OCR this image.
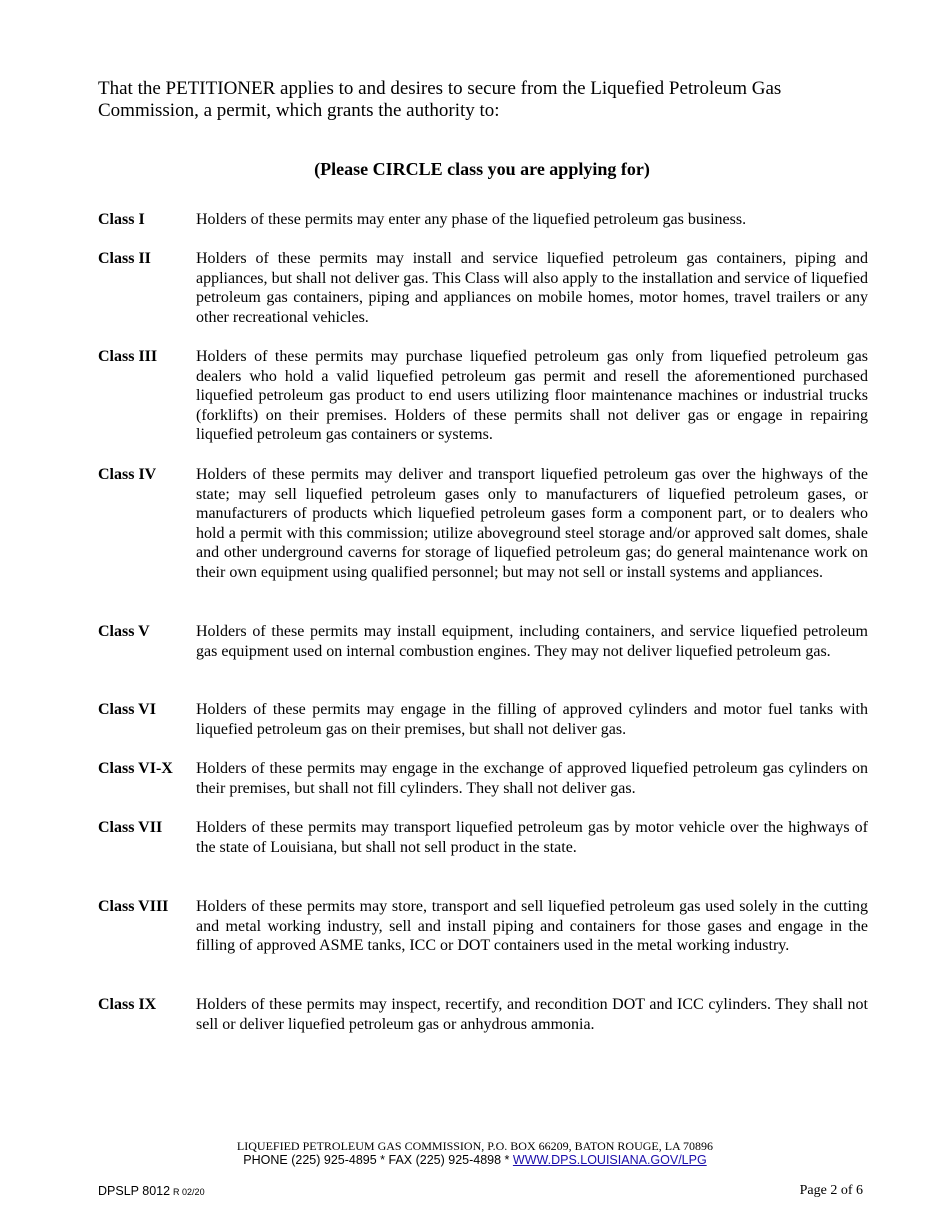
That the PETITIONER applies to and desires to secure from the Liquefied Petroleum Gas Commission, a permit, which grants the authority to:
(Please CIRCLE class you are applying for)
Class I	Holders of these permits may enter any phase of the liquefied petroleum gas business.
Class II	Holders of these permits may install and service liquefied petroleum gas containers, piping and appliances, but shall not deliver gas. This Class will also apply to the installation and service of liquefied petroleum gas containers, piping and appliances on mobile homes, motor homes, travel trailers or any other recreational vehicles.
Class III Holders of these permits may purchase liquefied petroleum gas only from liquefied petroleum gas dealers who hold a valid liquefied petroleum gas permit and resell the aforementioned purchased liquefied petroleum gas product to end users utilizing floor maintenance machines or industrial trucks (forklifts) on their premises. Holders of these permits shall not deliver gas or engage in repairing liquefied petroleum gas containers or systems.
Class IV Holders of these permits may deliver and transport liquefied petroleum gas over the highways of the state; may sell liquefied petroleum gases only to manufacturers of liquefied petroleum gases, or manufacturers of products which liquefied petroleum gases form a component part, or to dealers who hold a permit with this commission; utilize aboveground steel storage and/or approved salt domes, shale and other underground caverns for storage of liquefied petroleum gas; do general maintenance work on their own equipment using qualified personnel; but may not sell or install systems and appliances.
Class V	Holders of these permits may install equipment, including containers, and service liquefied petroleum gas equipment used on internal combustion engines. They may not deliver liquefied petroleum gas.
Class VI	Holders of these permits may engage in the filling of approved cylinders and motor fuel tanks with liquefied petroleum gas on their premises, but shall not deliver gas.
Class VI-X Holders of these permits may engage in the exchange of approved liquefied petroleum gas cylinders on their premises, but shall not fill cylinders. They shall not deliver gas.
Class VII Holders of these permits may transport liquefied petroleum gas by motor vehicle over the highways of the state of Louisiana, but shall not sell product in the state.
Class VIII Holders of these permits may store, transport and sell liquefied petroleum gas used solely in the cutting and metal working industry, sell and install piping and containers for those gases and engage in the filling of approved ASME tanks, ICC or DOT containers used in the metal working industry.
Class IX Holders of these permits may inspect, recertify, and recondition DOT and ICC cylinders. They shall not sell or deliver liquefied petroleum gas or anhydrous ammonia.
LIQUEFIED PETROLEUM GAS COMMISSION, P.O. BOX 66209, BATON ROUGE, LA 70896
PHONE (225) 925-4895 * FAX (225) 925-4898 * WWW.DPS.LOUISIANA.GOV/LPG
DPSLP 8012 R 02/20	Page 2 of 6
